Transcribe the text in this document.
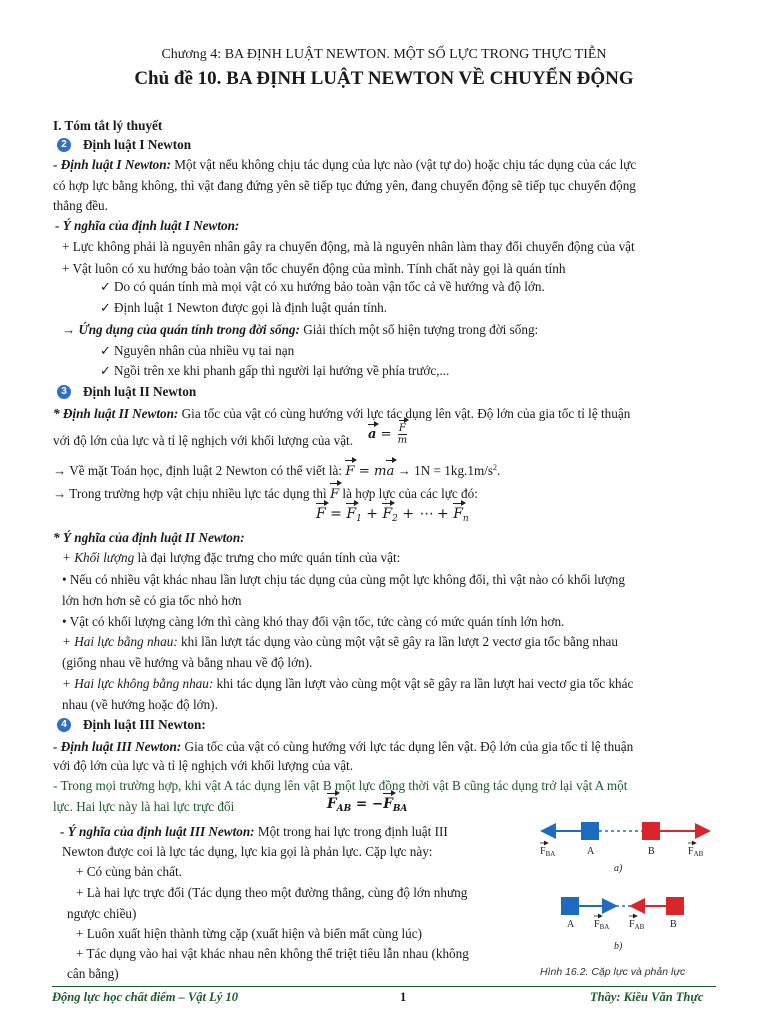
Chương 4: BA ĐỊNH LUẬT NEWTON. MỘT SỐ LỰC TRONG THỰC TIỄN
Chủ đề 10. BA ĐỊNH LUẬT NEWTON VỀ CHUYỂN ĐỘNG
I. Tóm tắt lý thuyết
2	Định luật I Newton
- Định luật I Newton: Một vật nếu không chịu tác dụng của lực nào (vật tự do) hoặc chịu tác dụng của các lực
có hợp lực bằng không, thì vật đang đứng yên sẽ tiếp tục đứng yên, đang chuyển động sẽ tiếp tục chuyển động
thẳng đều.
- Ý nghĩa của định luật I Newton:
+ Lực không phải là nguyên nhân gây ra chuyển động, mà là nguyên nhân làm thay đổi chuyển động của vật
+ Vật luôn có xu hướng bảo toàn vận tốc chuyển động của mình. Tính chất này gọi là quán tính
✓ Do có quán tính mà mọi vật có xu hướng bảo toàn vận tốc cả về hướng và độ lớn.
✓ Định luật 1 Newton được gọi là định luật quán tính.
→ Ứng dụng của quán tính trong đời sống: Giải thích một số hiện tượng trong đời sống:
✓ Nguyên nhân của nhiều vụ tai nạn
✓ Ngồi trên xe khi phanh gấp thì người lại hướng về phía trước,...
3	Định luật II Newton
* Định luật II Newton: Gia tốc của vật có cùng hướng với lực tác dụng lên vật. Độ lớn của gia tốc tỉ lệ thuận
với độ lớn của lực và tỉ lệ nghịch với khối lượng của vật. $a = \frac{F}{m}$
→ Về mặt Toán học, định luật 2 Newton có thể viết là: F = ma → $1N = 1kg.1m/s^2$.
→ Trong trường hợp vật chịu nhiều lực tác dụng thì F là hợp lực của các lực đó:
$F = F_1 + F_2$ + ⋯ + $F_n$
* Ý nghĩa của định luật II Newton:
+ Khối lượng là đại lượng đặc trưng cho mức quán tính của vật:
• Nếu có nhiều vật khác nhau lần lượt chịu tác dụng của cùng một lực không đổi, thì vật nào có khối lượng
lớn hơn hơn sẽ có gia tốc nhỏ hơn
• Vật có khối lượng càng lớn thì càng khó thay đổi vận tốc, tức càng có mức quán tính lớn hơn.
+ Hai lực bằng nhau: khi lần lượt tác dụng vào cùng một vật sẽ gây ra lần lượt 2 vectơ gia tốc bằng nhau
(giống nhau về hướng và bằng nhau về độ lớn).
+ Hai lực không bằng nhau: khi tác dụng lần lượt vào cùng một vật sẽ gây ra lần lượt hai vectơ gia tốc khác
nhau (về hướng hoặc độ lớn).
4	Định luật III Newton:
- Định luật III Newton: Gia tốc của vật có cùng hướng với lực tác dụng lên vật. Độ lớn của gia tốc tỉ lệ thuận
với độ lớn của lực và tỉ lệ nghịch với khối lượng của vật.
- Trong mọi trường hợp, khi vật A tác dụng lên vật B một lực đồng thời vật B cũng tác dụng trở lại vật A một
lực. Hai lực này là hai lực trực đối	$F_{AB} = -F_{BA}$
- Ý nghĩa của định luật III Newton: Một trong hai lực trong định luật III
Newton được coi là lực tác dụng, lực kia gọi là phản lực. Cặp lực này:
+ Có cùng bản chất.
+ Là hai lực trực đối (Tác dụng theo một đường thẳng, cùng độ lớn nhưng
ngược chiều)
+ Luôn xuất hiện thành từng cặp (xuất hiện và biến mất cùng lúc)
+ Tác dụng vào hai vật khác nhau nên không thể triệt tiêu lẫn nhau (không
cân bằng)
$F_{BA}$	A	B	$F_{AB}$
a)
A $F_{BA}$ $F_{AB}$	B
b)
Hình 16.2. Cặp lực và phản lực
Động lực học chất điểm – Vật Lý 10	1	Thầy: Kiều Văn Thực
